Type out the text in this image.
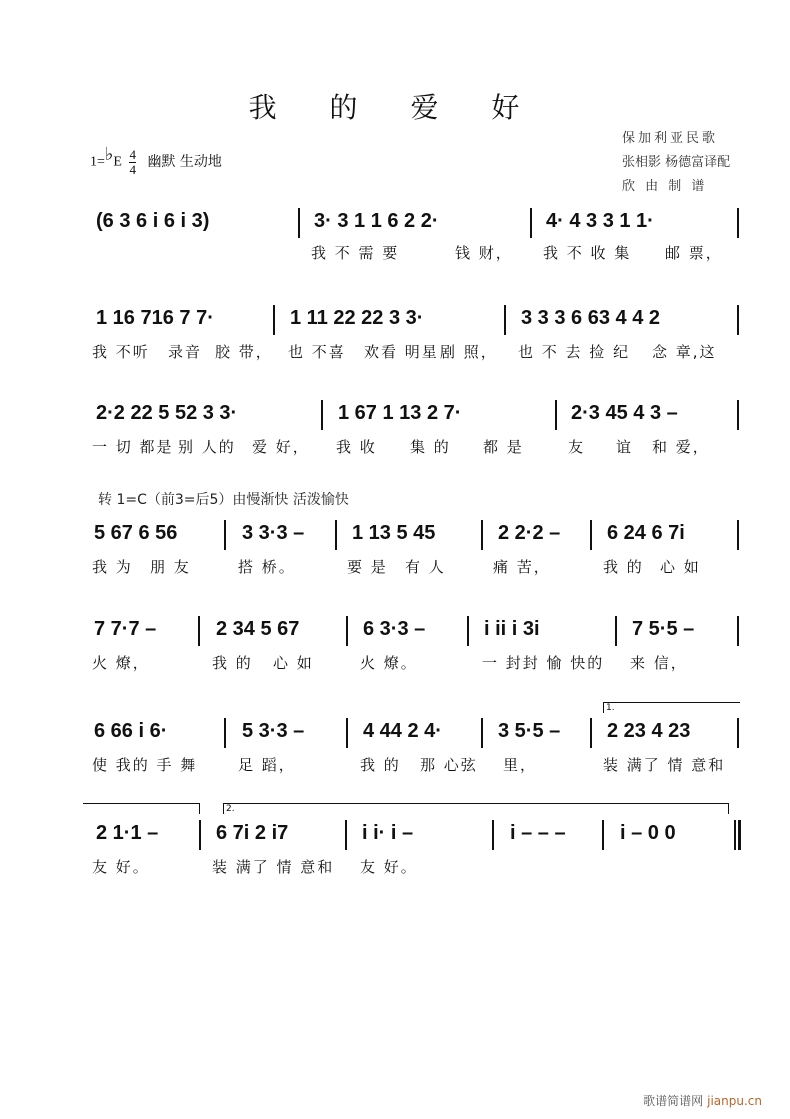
我 的 爱 好
保加利亚民歌
张相影 杨德富译配
欣 由 制 谱
1=♭E $\frac{4}{4}$ 幽默 生动地
(6 3 6 i 6 i 3)	3· 3 1 1 6 2 2·	4· 4 3 3 1 1·
我 不 需 要	钱 财， 我 不 收 集 邮 票，
1 16 716 7 7·	1 11 22 22 3 3·	3 3 3 6 63 4 4 2
我 不听 录音 胶 带， 也 不喜 欢看 明星 剧 照， 也 不 去 捡 纪 念 章,这
2·2 22 5 52 3 3·	1 67 1 13 2 7·	2·3 45 4 3 –
一 切 都是 别 人的 爱 好， 我 收 集 的 都 是	友 谊 和 爱，
转 1=C（前3=后5）由慢渐快 活泼愉快
5 67 6 56	3 3·3 – 1 13 5 45	2 2·2 – 6 24 6 7i
我 为 朋 友	搭 桥。	要 是 有 人	痛 苦，	我 的 心 如
7 7·7 –	2 34 5 67	6 3·3 –	i ii i 3i	7 5·5 –
火 燎，	我 的 心 如	火 燎。	一 封封 愉 快的 来 信，
1.
6 66 i 6·	5 3·3 –	4 44 2 4·	3 5·5 – 2 23 4 23
使 我的 手 舞	足 蹈，	我 的 那 心弦 里，	装 满了 情 意和
2.
2 1·1 –	6 7i 2 i7	i i· i –	i – – –	i – 0 0
友 好。	装 满了 情 意和 友 好。
歌谱简谱网 jianpu.cn
